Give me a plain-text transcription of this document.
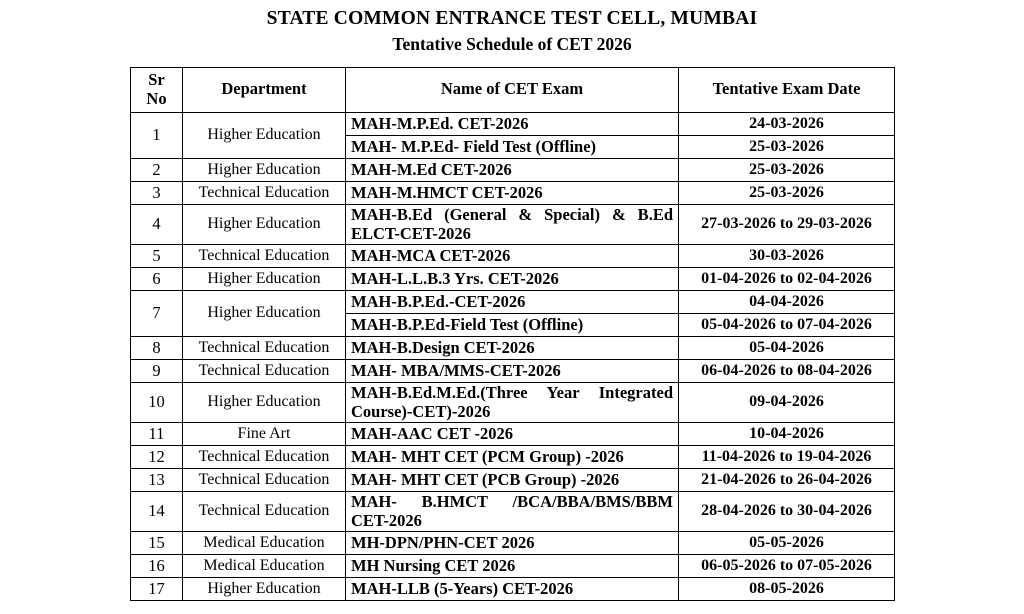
STATE COMMON ENTRANCE TEST CELL, MUMBAI
Tentative Schedule of CET 2026
Sr
No	Department	Name of CET Exam	Tentative Exam Date
1	Higher Education	MAH-M.P.Ed. CET-2026	24-03-2026
		MAH- M.P.Ed- Field Test (Offline)	25-03-2026
2	Higher Education	MAH-M.Ed CET-2026	25-03-2026
3	Technical Education	MAH-M.HMCT CET-2026	25-03-2026
4	Higher Education	MAH-B.Ed (General & Special) & B.Ed ELCT-CET-2026	27-03-2026 to 29-03-2026
5	Technical Education	MAH-MCA CET-2026	30-03-2026
6	Higher Education	MAH-L.L.B.3 Yrs. CET-2026	01-04-2026 to 02-04-2026
7	Higher Education	MAH-B.P.Ed.-CET-2026	04-04-2026
		MAH-B.P.Ed-Field Test (Offline)	05-04-2026 to 07-04-2026
8	Technical Education	MAH-B.Design CET-2026	05-04-2026
9	Technical Education	MAH- MBA/MMS-CET-2026	06-04-2026 to 08-04-2026
10	Higher Education	MAH-B.Ed.M.Ed.(Three Year Integrated Course)-CET)-2026	09-04-2026
11	Fine Art	MAH-AAC CET -2026	10-04-2026
12	Technical Education	MAH- MHT CET (PCM Group) -2026	11-04-2026 to 19-04-2026
13	Technical Education	MAH- MHT CET (PCB Group) -2026	21-04-2026 to 26-04-2026
14	Technical Education	MAH- B.HMCT /BCA/BBA/BMS/BBM CET-2026	28-04-2026 to 30-04-2026
15	Medical Education	MH-DPN/PHN-CET 2026	05-05-2026
16	Medical Education	MH Nursing CET 2026	06-05-2026 to 07-05-2026
17	Higher Education	MAH-LLB (5-Years) CET-2026	08-05-2026
